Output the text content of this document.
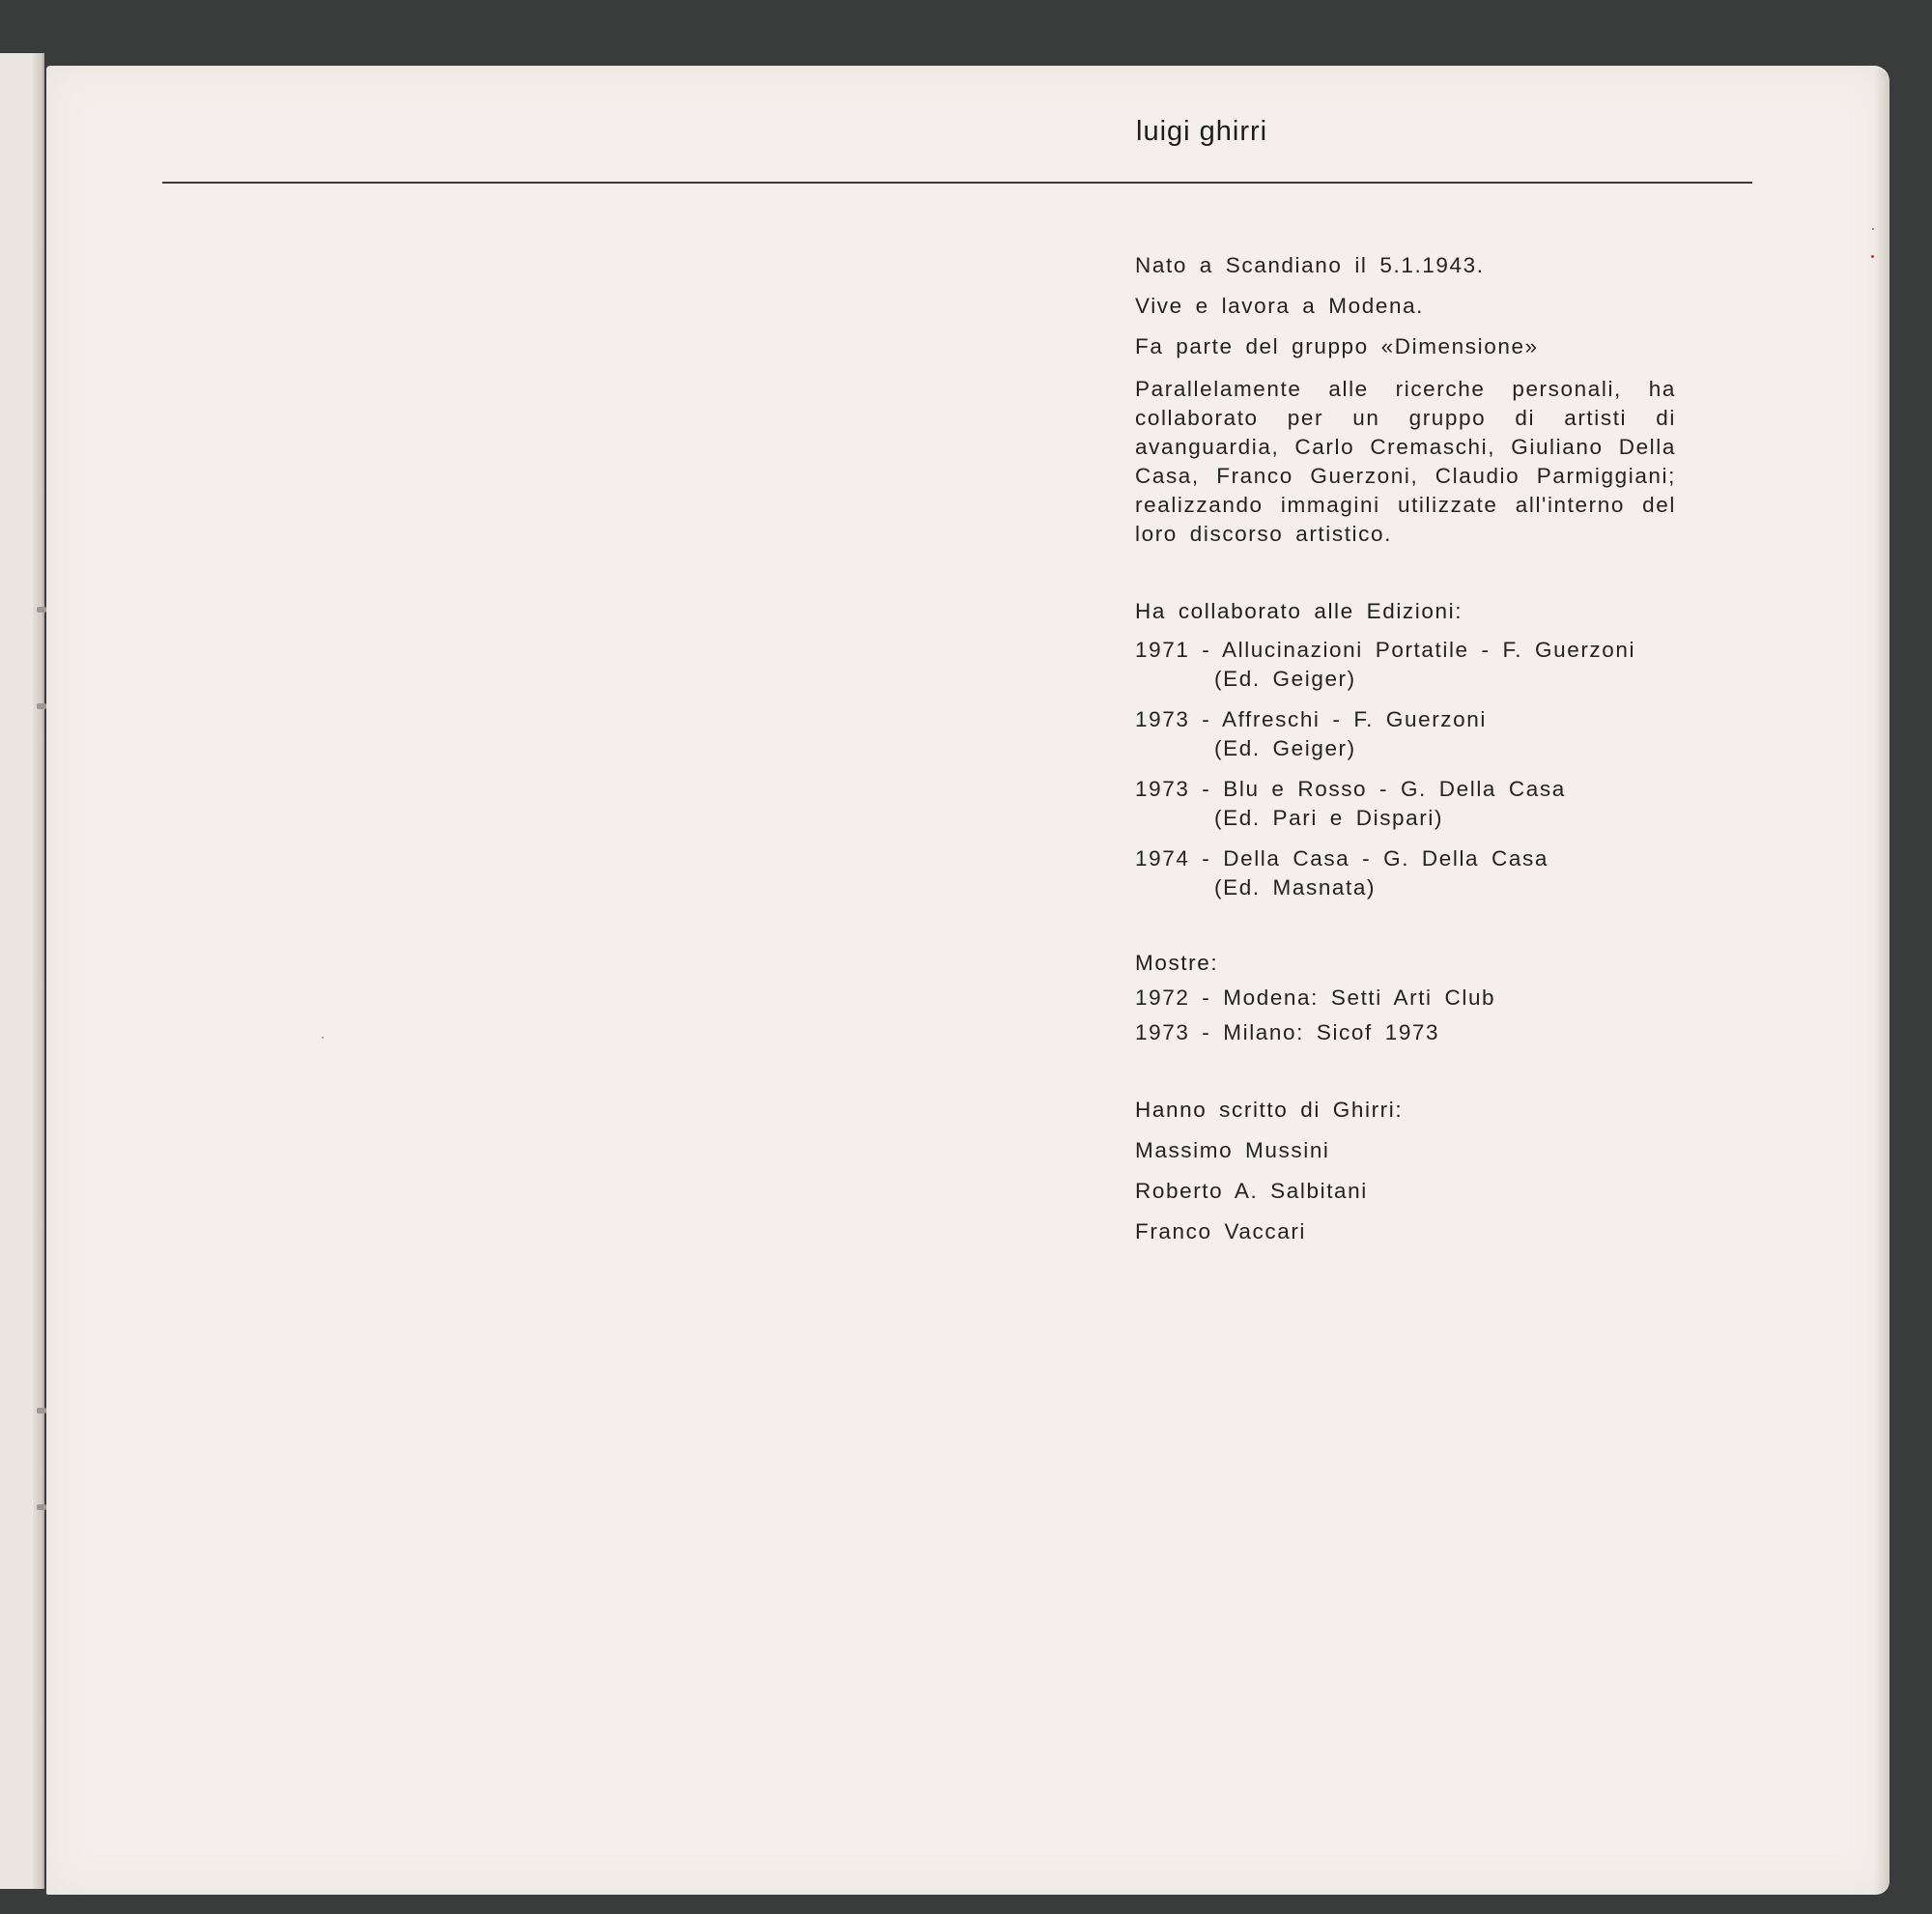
luigi ghirri
Nato a Scandiano il 5.1.1943.
Vive e lavora a Modena.
Fa parte del gruppo «Dimensione»
Parallelamente alle ricerche personali, ha collaborato per un gruppo di artisti di avanguardia, Carlo Cremaschi, Giuliano Della Casa, Franco Guerzoni, Claudio Parmiggiani; realizzando immagini utilizzate all'interno del loro discorso artistico.
Ha collaborato alle Edizioni:
1971 - Allucinazioni Portatile - F. Guerzoni
(Ed. Geiger)
1973 - Affreschi - F. Guerzoni
(Ed. Geiger)
1973 - Blu e Rosso - G. Della Casa
(Ed. Pari e Dispari)
1974 - Della Casa - G. Della Casa
(Ed. Masnata)
Mostre:
1972 - Modena: Setti Arti Club
1973 - Milano: Sicof 1973
Hanno scritto di Ghirri:
Massimo Mussini
Roberto A. Salbitani
Franco Vaccari
